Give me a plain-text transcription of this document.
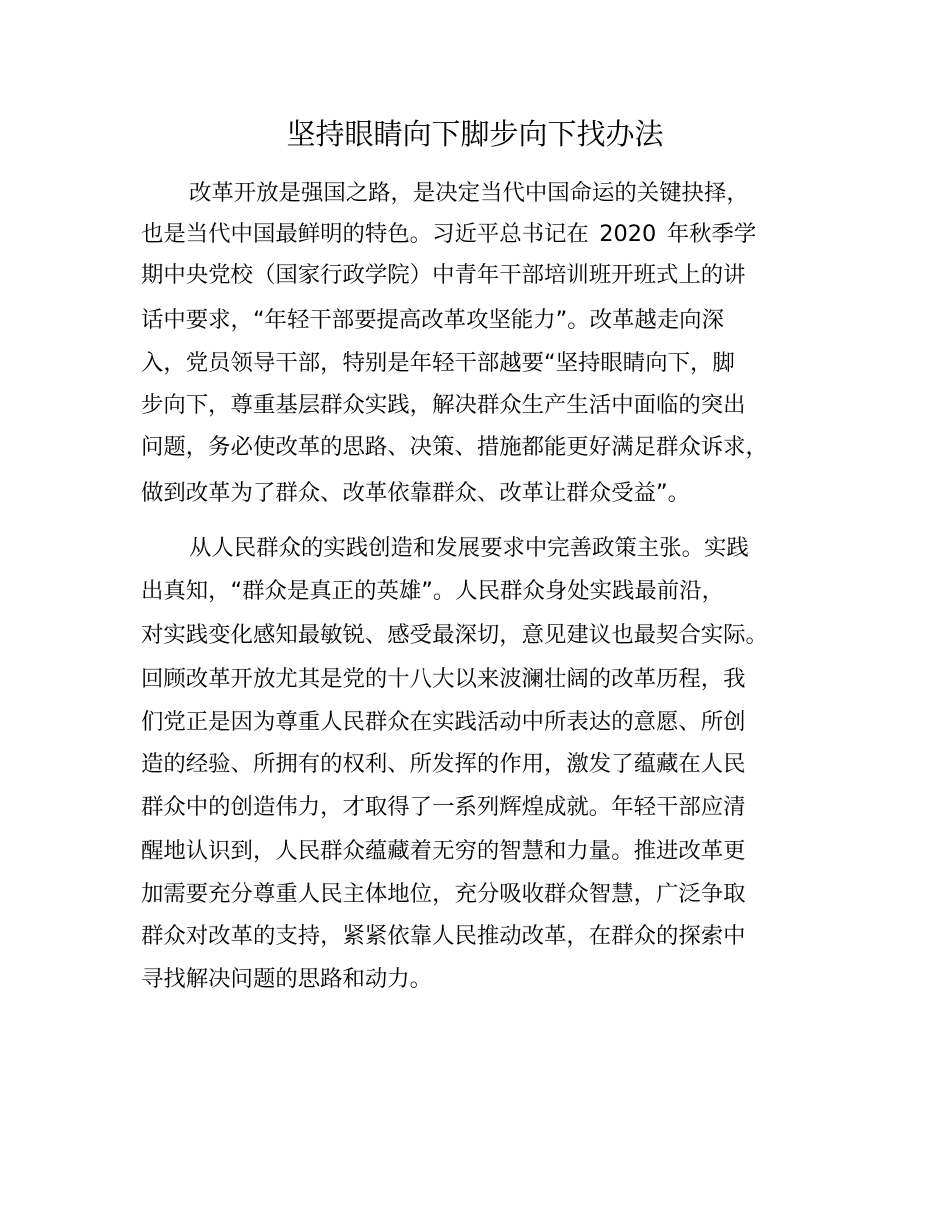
坚持眼睛向下脚步向下找办法
改革开放是强国之路，是决定当代中国命运的关键抉择，
也是当代中国最鲜明的特色。习近平总书记在 2020 年秋季学
期中央党校（国家行政学院）中青年干部培训班开班式上的讲
话中要求，“年轻干部要提高改革攻坚能力”。改革越走向深
入，党员领导干部，特别是年轻干部越要“坚持眼睛向下，脚
步向下，尊重基层群众实践，解决群众生产生活中面临的突出
问题，务必使改革的思路、决策、措施都能更好满足群众诉求，
做到改革为了群众、改革依靠群众、改革让群众受益”。
从人民群众的实践创造和发展要求中完善政策主张。实践
出真知，“群众是真正的英雄”。人民群众身处实践最前沿，
对实践变化感知最敏锐、感受最深切，意见建议也最契合实际。
回顾改革开放尤其是党的十八大以来波澜壮阔的改革历程，我
们党正是因为尊重人民群众在实践活动中所表达的意愿、所创
造的经验、所拥有的权利、所发挥的作用，激发了蕴藏在人民
群众中的创造伟力，才取得了一系列辉煌成就。年轻干部应清
醒地认识到，人民群众蕴藏着无穷的智慧和力量。推进改革更
加需要充分尊重人民主体地位，充分吸收群众智慧，广泛争取
群众对改革的支持，紧紧依靠人民推动改革，在群众的探索中
寻找解决问题的思路和动力。
